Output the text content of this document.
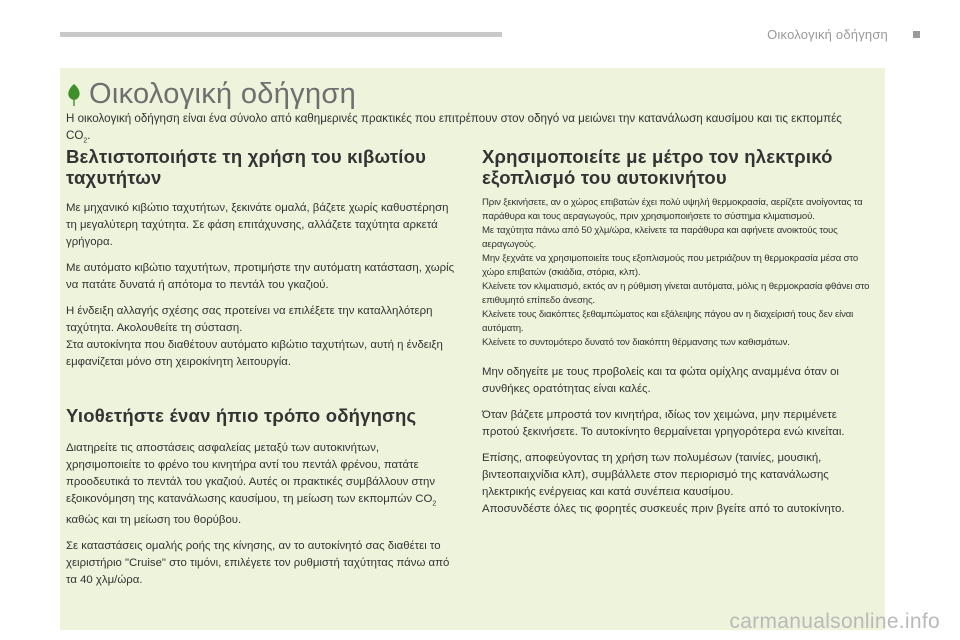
Οικολογική οδήγηση
Οικολογική οδήγηση
Η οικολογική οδήγηση είναι ένα σύνολο από καθημερινές πρακτικές που επιτρέπουν στον οδηγό να μειώνει την κατανάλωση καυσίμου και τις εκπομπές $CO_2$.
Βελτιστοποιήστε τη χρήση του κιβωτίου ταχυτήτων

Με μηχανικό κιβώτιο ταχυτήτων, ξεκινάτε ομαλά, βάζετε χωρίς καθυστέρηση τη μεγαλύτερη ταχύτητα. Σε φάση επιτάχυνσης, αλλάζετε ταχύτητα αρκετά γρήγορα.

Με αυτόματο κιβώτιο ταχυτήτων, προτιμήστε την αυτόματη κατάσταση, χωρίς να πατάτε δυνατά ή απότομα το πεντάλ του γκαζιού.

Η ένδειξη αλλαγής σχέσης σας προτείνει να επιλέξετε την καταλληλότερη ταχύτητα. Ακολουθείτε τη σύσταση.

Στα αυτοκίνητα που διαθέτουν αυτόματο κιβώτιο ταχυτήτων, αυτή η ένδειξη εμφανίζεται μόνο στη χειροκίνητη λειτουργία.

Υιοθετήστε έναν ήπιο τρόπο οδήγησης

Διατηρείτε τις αποστάσεις ασφαλείας μεταξύ των αυτοκινήτων, χρησιμοποιείτε το φρένο του κινητήρα αντί του πεντάλ φρένου, πατάτε προοδευτικά το πεντάλ του γκαζιού. Αυτές οι πρακτικές συμβάλλουν στην εξοικονόμηση της κατανάλωσης καυσίμου, τη μείωση των εκπομπών $CO_2$ καθώς και τη μείωση του θορύβου.

Σε καταστάσεις ομαλής ροής της κίνησης, αν το αυτοκίνητό σας διαθέτει το χειριστήριο "Cruise" στο τιμόνι, επιλέγετε τον ρυθμιστή ταχύτητας πάνω από τα 40 χλμ/ώρα.

Χρησιμοποιείτε με μέτρο τον ηλεκτρικό εξοπλισμό του αυτοκινήτου

Πριν ξεκινήσετε, αν ο χώρος επιβατών έχει πολύ υψηλή θερμοκρασία, αερίζετε ανοίγοντας τα παράθυρα και τους αεραγωγούς, πριν χρησιμοποιήσετε το σύστημα κλιματισμού.

Με ταχύτητα πάνω από 50 χλμ/ώρα, κλείνετε τα παράθυρα και αφήνετε ανοικτούς τους αεραγωγούς.

Μην ξεχνάτε να χρησιμοποιείτε τους εξοπλισμούς που μετριάζουν τη θερμοκρασία μέσα στο χώρο επιβατών (σκιάδια, στόρια, κλπ).

Κλείνετε τον κλιματισμό, εκτός αν η ρύθμιση γίνεται αυτόματα, μόλις η θερμοκρασία φθάνει στο επιθυμητό επίπεδο άνεσης.

Κλείνετε τους διακόπτες ξεθαμπώματος και εξάλειψης πάγου αν η διαχείρισή τους δεν είναι αυτόματη.

Κλείνετε το συντομότερο δυνατό τον διακόπτη θέρμανσης των καθισμάτων.

Μην οδηγείτε με τους προβολείς και τα φώτα ομίχλης αναμμένα όταν οι συνθήκες ορατότητας είναι καλές.

Όταν βάζετε μπροστά τον κινητήρα, ιδίως τον χειμώνα, μην περιμένετε προτού ξεκινήσετε. Το αυτοκίνητο θερμαίνεται γρηγορότερα ενώ κινείται.

Επίσης, αποφεύγοντας τη χρήση των πολυμέσων (ταινίες, μουσική, βιντεοπαιχνίδια κλπ), συμβάλλετε στον περιορισμό της κατανάλωσης ηλεκτρικής ενέργειας και κατά συνέπεια καυσίμου.

Αποσυνδέστε όλες τις φορητές συσκευές πριν βγείτε από το αυτοκίνητο.

carmanualsonline.info
